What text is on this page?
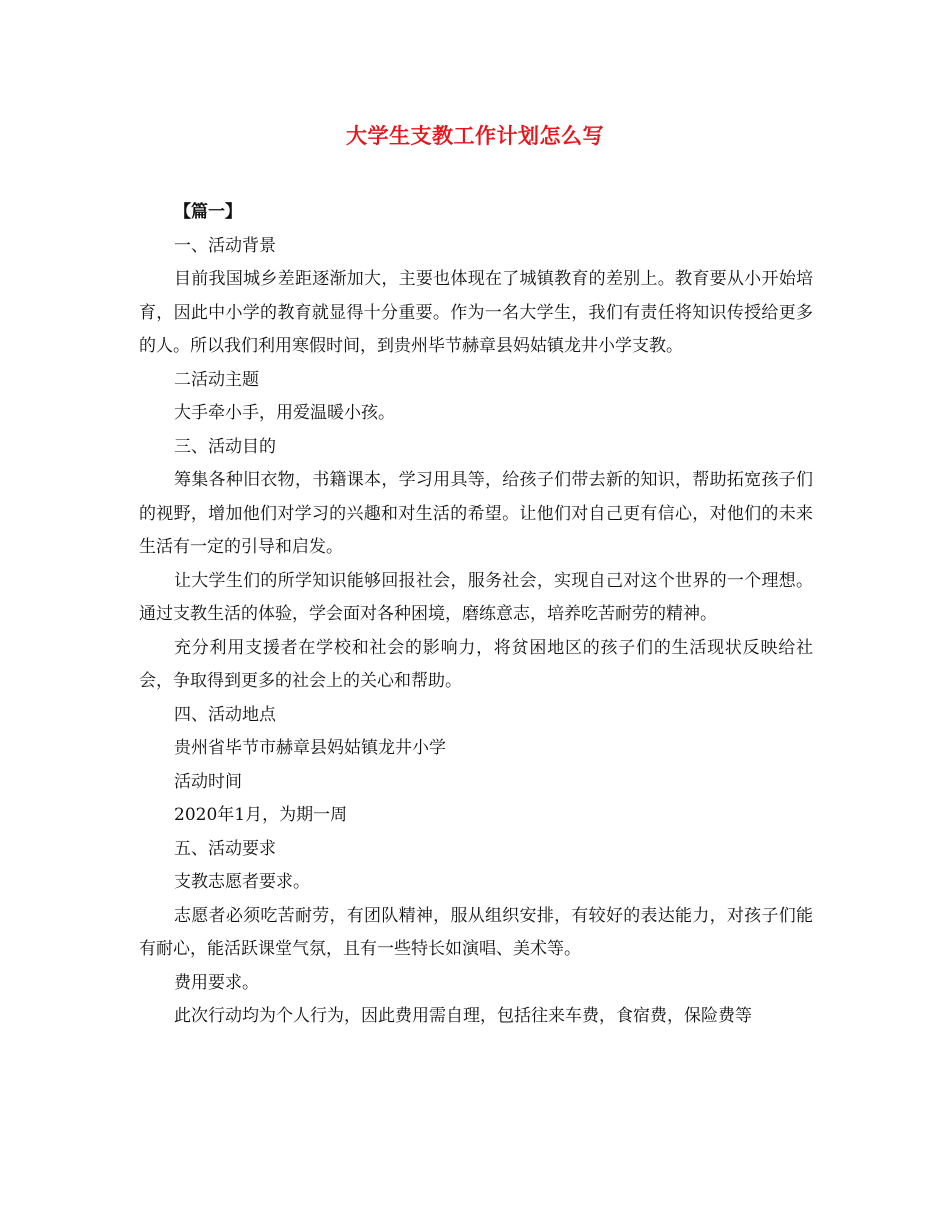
大学生支教工作计划怎么写

【篇一】

一、活动背景

目前我国城乡差距逐渐加大，主要也体现在了城镇教育的差别上。教育要从小开始培育，因此中小学的教育就显得十分重要。作为一名大学生，我们有责任将知识传授给更多的人。所以我们利用寒假时间，到贵州毕节赫章县妈姑镇龙井小学支教。

二活动主题

大手牵小手，用爱温暖小孩。

三、活动目的

筹集各种旧衣物，书籍课本，学习用具等，给孩子们带去新的知识，帮助拓宽孩子们的视野，增加他们对学习的兴趣和对生活的希望。让他们对自己更有信心，对他们的未来生活有一定的引导和启发。

让大学生们的所学知识能够回报社会，服务社会，实现自己对这个世界的一个理想。通过支教生活的体验，学会面对各种困境，磨练意志，培养吃苦耐劳的精神。

充分利用支援者在学校和社会的影响力，将贫困地区的孩子们的生活现状反映给社会，争取得到更多的社会上的关心和帮助。

四、活动地点

贵州省毕节市赫章县妈姑镇龙井小学

活动时间

2020年1月，为期一周

五、活动要求

支教志愿者要求。

志愿者必须吃苦耐劳，有团队精神，服从组织安排，有较好的表达能力，对孩子们能有耐心，能活跃课堂气氛，且有一些特长如演唱、美术等。

费用要求。

此次行动均为个人行为，因此费用需自理，包括往来车费，食宿费，保险费等
